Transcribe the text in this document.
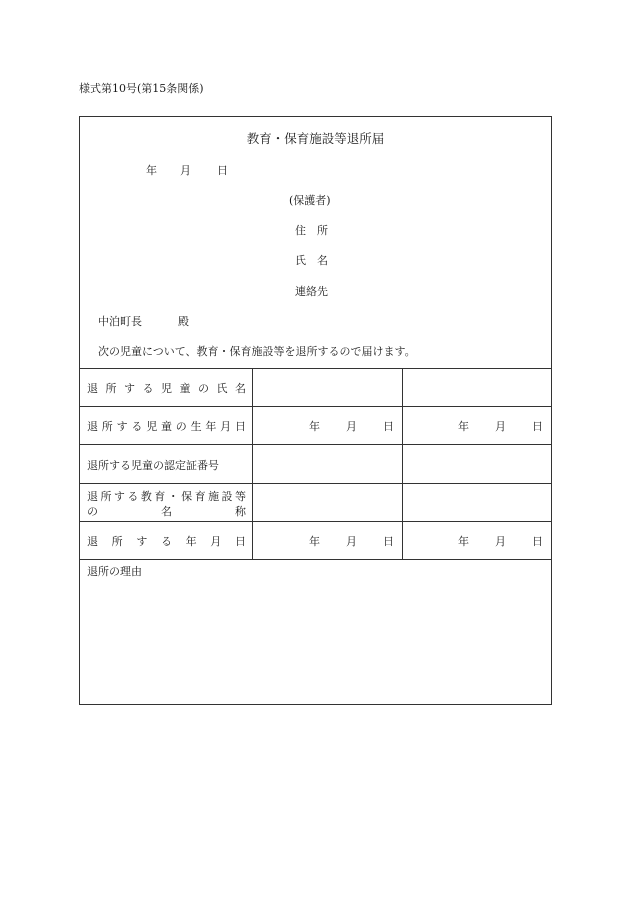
様式第10号(第15条関係)
教育・保育施設等退所届
年 月 日
(保護者)
住　所
氏　名
連絡先
中泊町長	殿
次の児童について、教育・保育施設等を退所するので届けます。
退 所 す る 児 童 の 氏 名
退 所 す る 児 童 の 生 年 月 日	年 月 日	年 月 日
退所する児童の認定証番号
退 所 す る 教 育 ・ 保 育 施 設 等
の	名	称
退 所 す る 年 月 日	年 月 日	年 月 日
退所の理由
